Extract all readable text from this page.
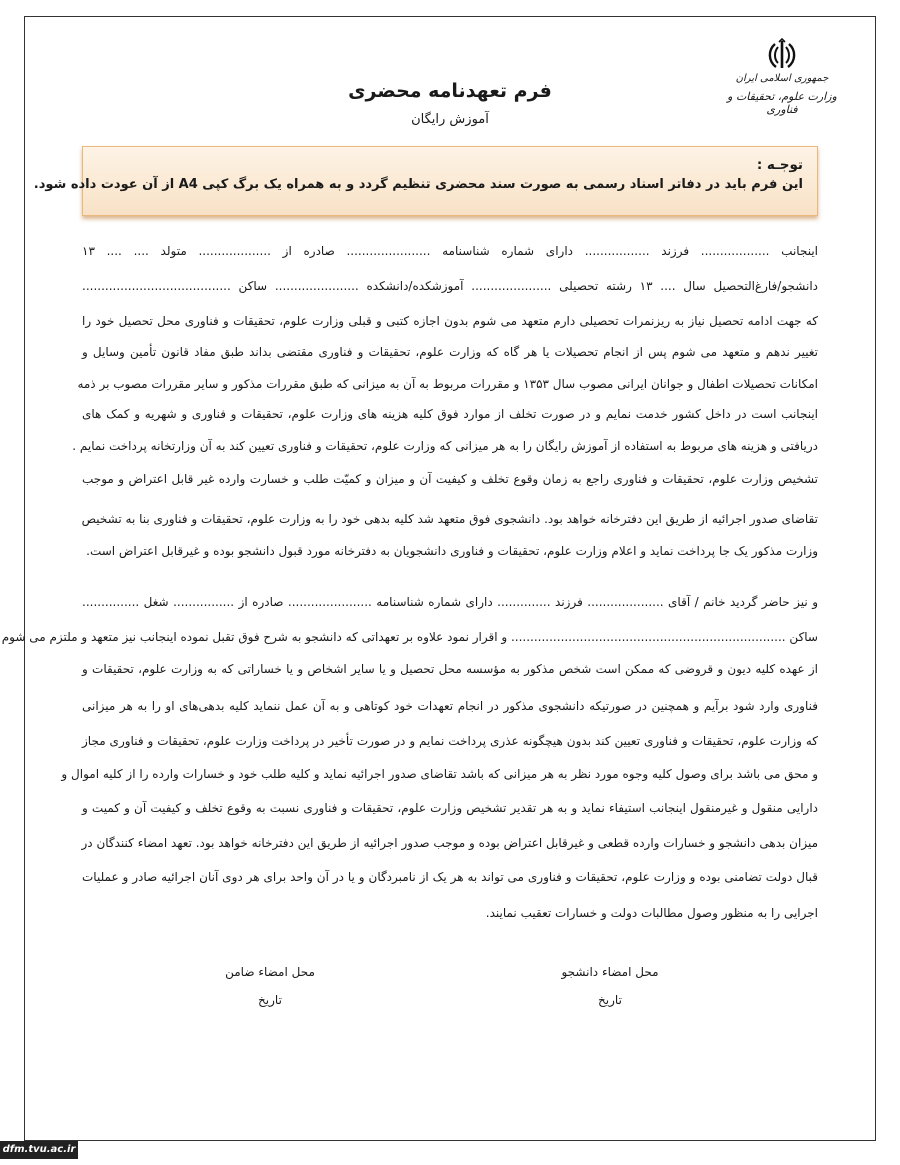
جمهوری اسلامی ایران
وزارت علوم، تحقیقات و فناوری
فرم تعهدنامه محضری
آموزش رایگان
توجـه :
این فرم باید در دفاتر اسناد رسمی به صورت سند محضری تنظیم گردد و به همراه یک برگ کپی A4 از آن عودت داده شود.
اینجانب .................. فرزند ................. دارای شماره شناسنامه ...................... صادره از ................... متولد .... .... ۱۳
دانشجو/فارغ‌التحصیل سال .... ۱۳ رشته تحصیلی ..................... آموزشکده/دانشکده ...................... ساکن .......................................
که جهت ادامه تحصیل نیاز به ریزنمرات تحصیلی دارم متعهد می شوم بدون اجازه کتبی و قبلی وزارت علوم، تحقیقات و فناوری محل تحصیل خود را
تغییر ندهم و متعهد می شوم پس از انجام تحصیلات یا هر گاه که وزارت علوم، تحقیقات و فناوری مقتضی بداند طبق مفاد قانون تأمین وسایل و
امکانات تحصیلات اطفال و جوانان ایرانی مصوب سال ۱۳۵۳ و مقررات مربوط به آن به میزانی که طبق مقررات مذکور و سایر مقررات مصوب بر ذمه
اینجانب است در داخل کشور خدمت نمایم و در صورت تخلف از موارد فوق کلیه هزینه های وزارت علوم، تحقیقات و فناوری و شهریه و کمک های
دریافتی و هزینه های مربوط به استفاده از آموزش رایگان را به هر میزانی که وزارت علوم، تحقیقات و فناوری تعیین کند به آن وزارتخانه پرداخت نمایم .
تشخیص وزارت علوم، تحقیقات و فناوری راجع به زمان وقوع تخلف و کیفیت آن و میزان و کمیّت طلب و خسارت وارده غیر قابل اعتراض و موجب
تقاضای صدور اجرائیه از طریق این دفترخانه خواهد بود. دانشجوی فوق متعهد شد کلیه بدهی خود را به وزارت علوم، تحقیقات و فناوری بنا به تشخیص
وزارت مذکور یک جا پرداخت نماید و اعلام وزارت علوم، تحقیقات و فناوری دانشجویان به دفترخانه مورد قبول دانشجو بوده و غیرقابل اعتراض است.
و نیز حاضر گردید خانم / آقای .................... فرزند .............. دارای شماره شناسنامه ...................... صادره از ................ شغل ...............
ساکن ........................................................................ و اقرار نمود علاوه بر تعهداتی که دانشجو به شرح فوق تقبل نموده اینجانب نیز متعهد و ملتزم می شوم
از عهده کلیه دیون و قروضی که ممکن است شخص مذکور به مؤسسه محل تحصیل و یا سایر اشخاص و یا خساراتی که به وزارت علوم، تحقیقات و
فناوری وارد شود برآیم و همچنین در صورتیکه دانشجوی مذکور در انجام تعهدات خود کوتاهی و به آن عمل ننماید کلیه بدهی‌های او را به هر میزانی
که وزارت علوم، تحقیقات و فناوری تعیین کند بدون هیچگونه عذری پرداخت نمایم و در صورت تأخیر در پرداخت وزارت علوم، تحقیقات و فناوری مجاز
و محق می باشد برای وصول کلیه وجوه مورد نظر به هر میزانی که باشد تقاضای صدور اجرائیه نماید و کلیه طلب خود و خسارات وارده را از کلیه اموال و
دارایی منقول و غیرمنقول اینجانب استیفاء نماید و به هر تقدیر تشخیص وزارت علوم، تحقیقات و فناوری نسبت به وقوع تخلف و کیفیت آن و کمیت و
میزان بدهی دانشجو و خسارات وارده قطعی و غیرقابل اعتراض بوده و موجب صدور اجرائیه از طریق این دفترخانه خواهد بود. تعهد امضاء کنندگان در
قبال دولت تضامنی بوده و وزارت علوم، تحقیقات و فناوری می تواند به هر یک از نامبردگان و یا در آن واحد برای هر دوی آنان اجرائیه صادر و عملیات
اجرایی را به منظور وصول مطالبات دولت و خسارات تعقیب نمایند.
محل امضاء دانشجو
تاریخ
محل امضاء ضامن
تاریخ
dfm.tvu.ac.ir
